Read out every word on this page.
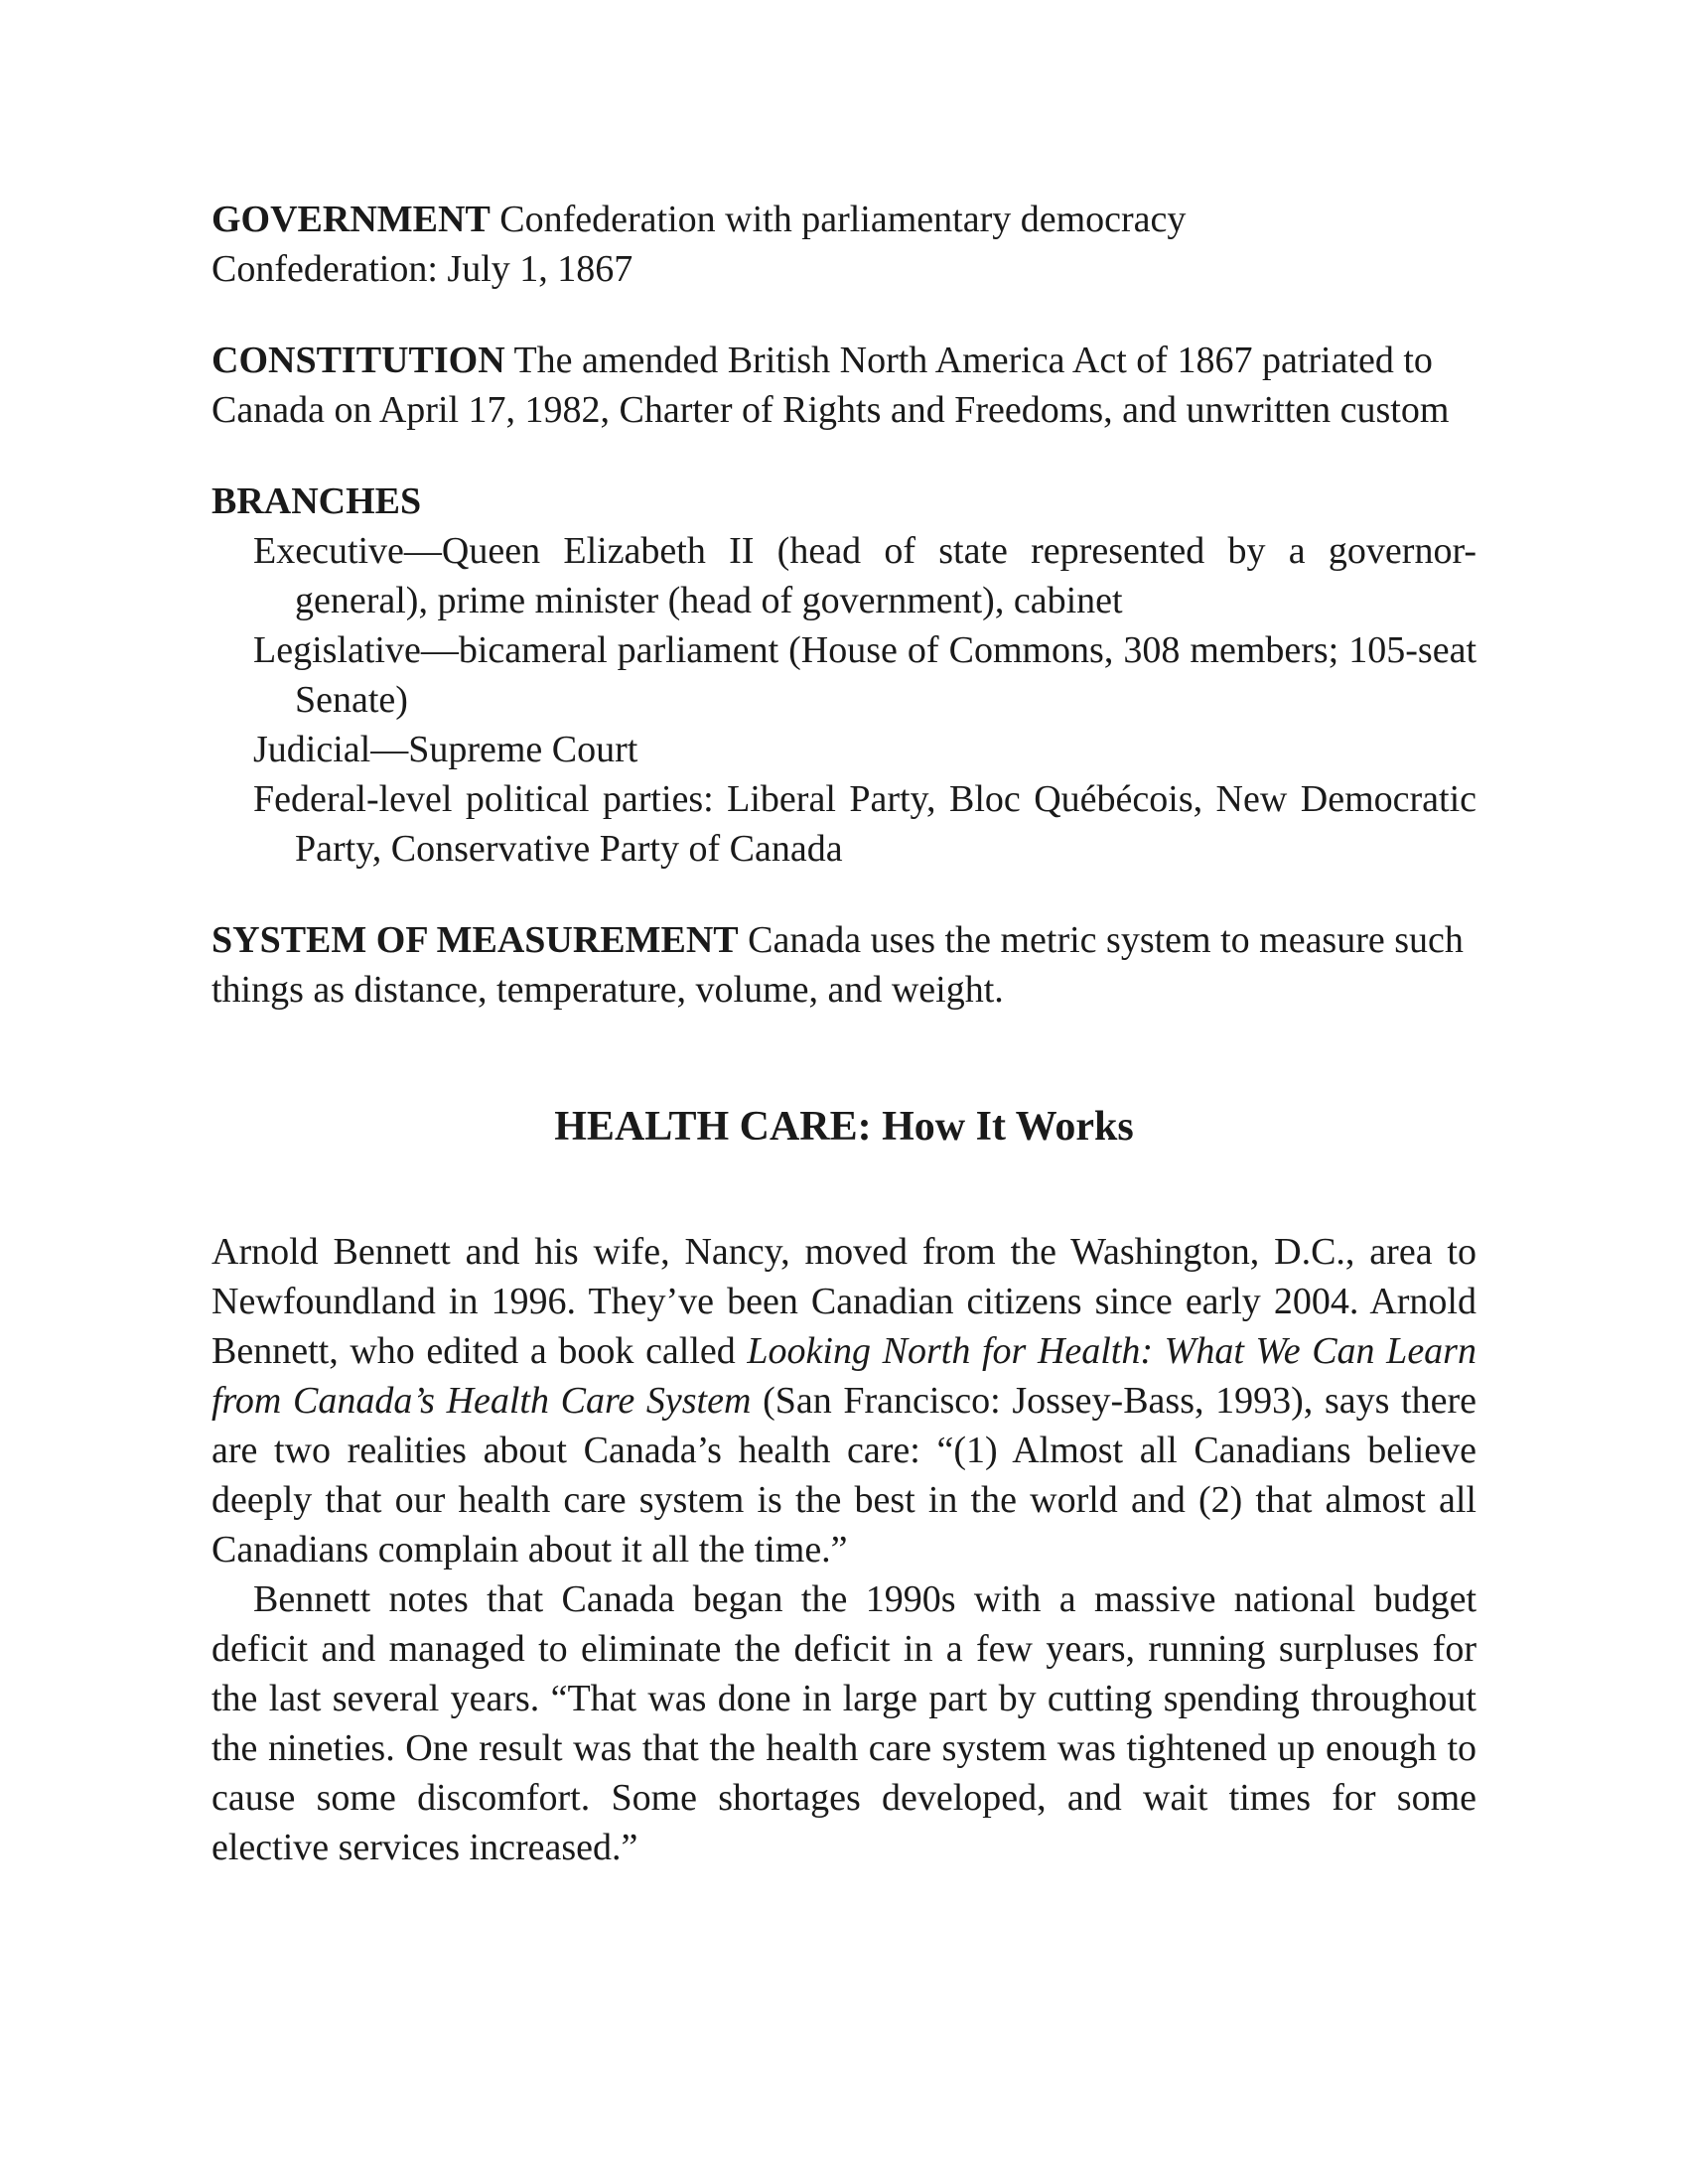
GOVERNMENT Confederation with parliamentary democracy

Confederation: July 1, 1867

CONSTITUTION The amended British North America Act of 1867 patriated to Canada on April 17, 1982, Charter of Rights and Freedoms, and unwritten custom

BRANCHES

Executive—Queen Elizabeth II (head of state represented by a governor-general), prime minister (head of government), cabinet
Legislative—bicameral parliament (House of Commons, 308 members; 105-seat Senate)
Judicial—Supreme Court
Federal-level political parties: Liberal Party, Bloc Québécois, New Democratic Party, Conservative Party of Canada

SYSTEM OF MEASUREMENT Canada uses the metric system to measure such things as distance, temperature, volume, and weight.

HEALTH CARE: How It Works

Arnold Bennett and his wife, Nancy, moved from the Washington, D.C., area to Newfoundland in 1996. They’ve been Canadian citizens since early 2004. Arnold Bennett, who edited a book called Looking North for Health: What We Can Learn from Canada’s Health Care System (San Francisco: Jossey-Bass, 1993), says there are two realities about Canada’s health care: “(1) Almost all Canadians believe deeply that our health care system is the best in the world and (2) that almost all Canadians complain about it all the time.”

Bennett notes that Canada began the 1990s with a massive national budget deficit and managed to eliminate the deficit in a few years, running surpluses for the last several years. “That was done in large part by cutting spending throughout the nineties. One result was that the health care system was tightened up enough to cause some discomfort. Some shortages developed, and wait times for some elective services increased.”
